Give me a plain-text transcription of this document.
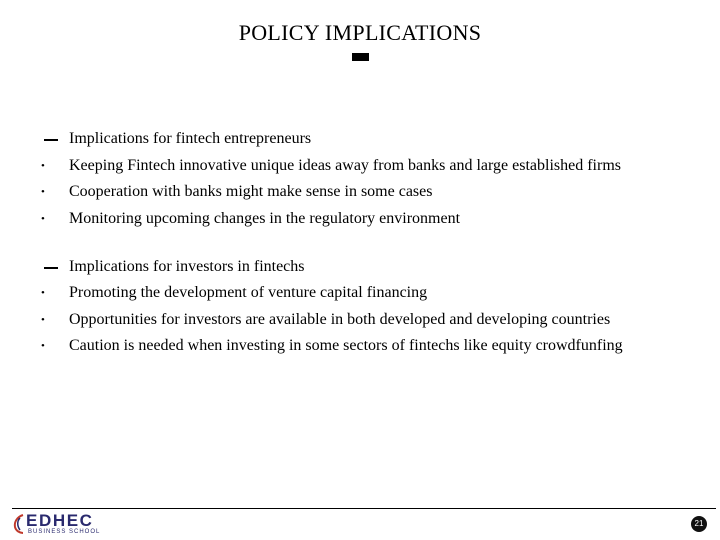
POLICY IMPLICATIONS
Implications for fintech entrepreneurs
• Keeping Fintech innovative unique ideas away from banks and large established firms
• Cooperation with banks might make sense in some cases
• Monitoring upcoming changes in the regulatory environment
Implications for investors in fintechs
• Promoting the development of venture capital financing
• Opportunities for investors are available in both developed and developing countries
• Caution is needed when investing in some sectors of fintechs like equity crowdfunfing
EDHEC
BUSINESS SCHOOL
21
